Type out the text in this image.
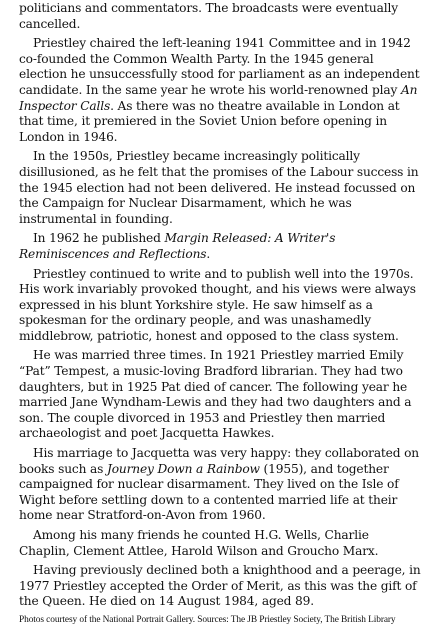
politicians and commentators. The broadcasts were eventually cancelled.

Priestley chaired the left-leaning 1941 Committee and in 1942 co-founded the Common Wealth Party. In the 1945 general election he unsuccessfully stood for parliament as an independent candidate. In the same year he wrote his world-renowned play An Inspector Calls. As there was no theatre available in London at that time, it premiered in the Soviet Union before opening in London in 1946.

In the 1950s, Priestley became increasingly politically disillusioned, as he felt that the promises of the Labour success in the 1945 election had not been delivered. He instead focussed on the Campaign for Nuclear Disarmament, which he was instrumental in founding.

In 1962 he published Margin Released: A Writer's Reminiscences and Reflections.

Priestley continued to write and to publish well into the 1970s. His work invariably provoked thought, and his views were always expressed in his blunt Yorkshire style. He saw himself as a spokesman for the ordinary people, and was unashamedly middlebrow, patriotic, honest and opposed to the class system.

He was married three times. In 1921 Priestley married Emily “Pat” Tempest, a music-loving Bradford librarian. They had two daughters, but in 1925 Pat died of cancer. The following year he married Jane Wyndham-Lewis and they had two daughters and a son. The couple divorced in 1953 and Priestley then married archaeologist and poet Jacquetta Hawkes.

His marriage to Jacquetta was very happy: they collaborated on books such as Journey Down a Rainbow (1955), and together campaigned for nuclear disarmament. They lived on the Isle of Wight before settling down to a contented married life at their home near Stratford-on-Avon from 1960.

Among his many friends he counted H.G. Wells, Charlie Chaplin, Clement Attlee, Harold Wilson and Groucho Marx.

Having previously declined both a knighthood and a peerage, in 1977 Priestley accepted the Order of Merit, as this was the gift of the Queen. He died on 14 August 1984, aged 89.

Photos courtesy of the National Portrait Gallery. Sources: The JB Priestley Society, The British Library
